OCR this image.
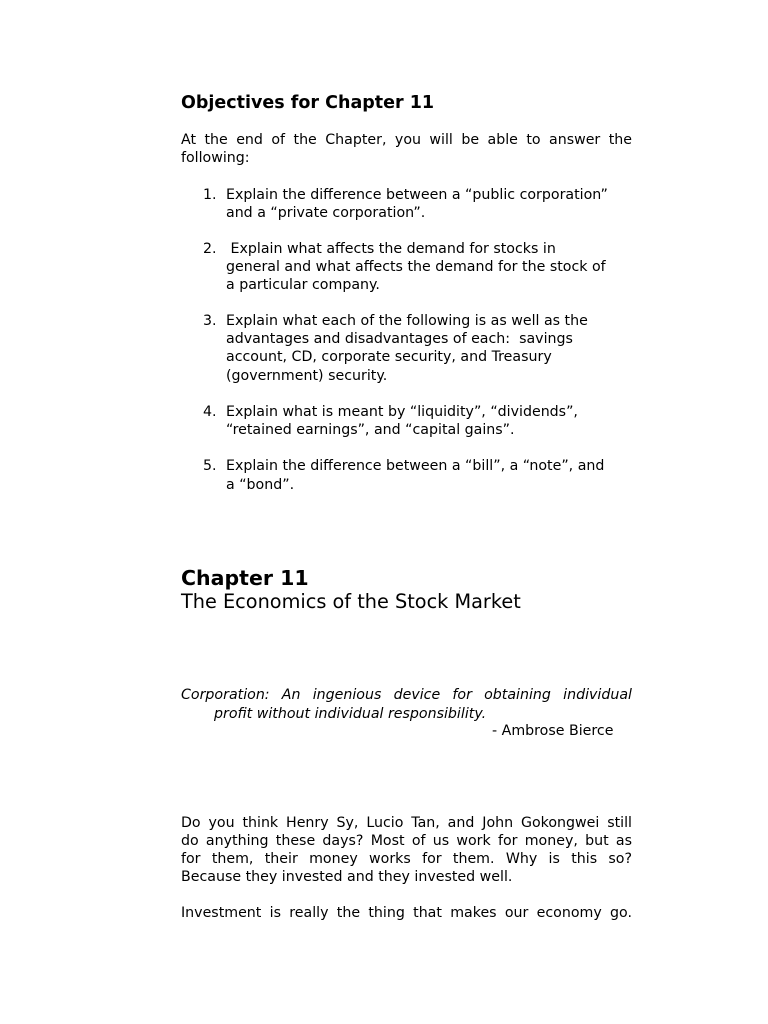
Objectives for Chapter 11
At the end of the Chapter, you will be able to answer the
following:
1. Explain the difference between a “public corporation”
and a “private corporation”.
2. Explain what affects the demand for stocks in
general and what affects the demand for the stock of
a particular company.
3. Explain what each of the following is as well as the
advantages and disadvantages of each:  savings
account, CD, corporate security, and Treasury
(government) security.
4. Explain what is meant by “liquidity”, “dividends”,
“retained earnings”, and “capital gains”.
5. Explain the difference between a “bill”, a “note”, and
a “bond”.
Chapter 11
The Economics of the Stock Market
Corporation: An ingenious device for obtaining individual
profit without individual responsibility.
- Ambrose Bierce
Do you think Henry Sy, Lucio Tan, and John Gokongwei still
do anything these days? Most of us work for money, but as
for them, their money works for them. Why is this so?
Because they invested and they invested well.
Investment is really the thing that makes our economy go.
